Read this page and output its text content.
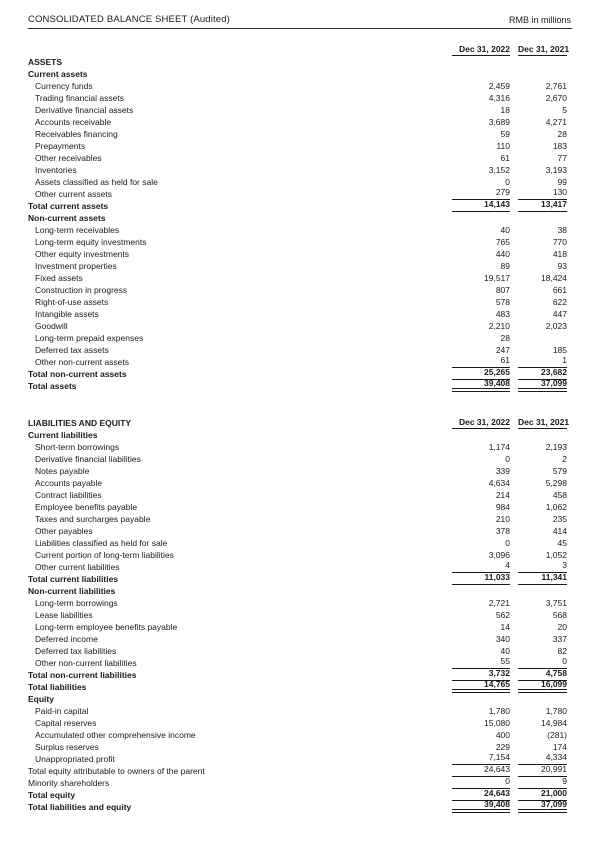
CONSOLIDATED BALANCE SHEET (Audited)	RMB in millions
Dec 31, 2022 Dec 31, 2021
ASSETS
Current assets
Currency funds	2,459	2,761
Trading financial assets	4,316	2,670
Derivative financial assets	18	5
Accounts receivable	3,689	4,271
Receivables financing	59	28
Prepayments	110	183
Other receivables	61	77
Inventories	3,152	3,193
Assets classified as held for sale	0	99
Other current assets	279	130
Total current assets	14,143	13,417
Non-current assets
Long-term receivables	40	38
Long-term equity investments	765	770
Other equity investments	440	418
Investment properties	89	93
Fixed assets	19,517	18,424
Construction in progress	807	661
Right-of-use assets	578	622
Intangible assets	483	447
Goodwill	2,210	2,023
Long-term prepaid expenses	28
Deferred tax assets	247	185
Other non-current assets	61	1
Total non-current assets	25,265	23,682
Total assets	39,408	37,099
LIABILITIES AND EQUITY	Dec 31, 2022 Dec 31, 2021
Current liabilities
Short-term borrowings	1,174	2,193
Derivative financial liabilities	0	2
Notes payable	339	579
Accounts payable	4,634	5,298
Contract liabilities	214	458
Employee benefits payable	984	1,062
Taxes and surcharges payable	210	235
Other payables	378	414
Liabilities classified as held for sale	0	45
Current portion of long-term liabilities	3,096	1,052
Other current liabilities	4	3
Total current liabilities	11,033	11,341
Non-current liabilities
Long-term borrowings	2,721	3,751
Lease liabilities	562	568
Long-term employee benefits payable	14	20
Deferred income	340	337
Deferred tax liabilities	40	82
Other non-current liabilities	55	0
Total non-current liabilities	3,732	4,758
Total liabilities	14,765	16,099
Equity
Paid-in capital	1,780	1,780
Capital reserves	15,080	14,984
Accumulated other comprehensive income	400	(281)
Surplus reserves	229	174
Unappropriated profit	7,154	4,334
Total equity attributable to owners of the parent	24,643	20,991
Minority shareholders	0	9
Total equity	24,643	21,000
Total liabilities and equity	39,408	37,099
